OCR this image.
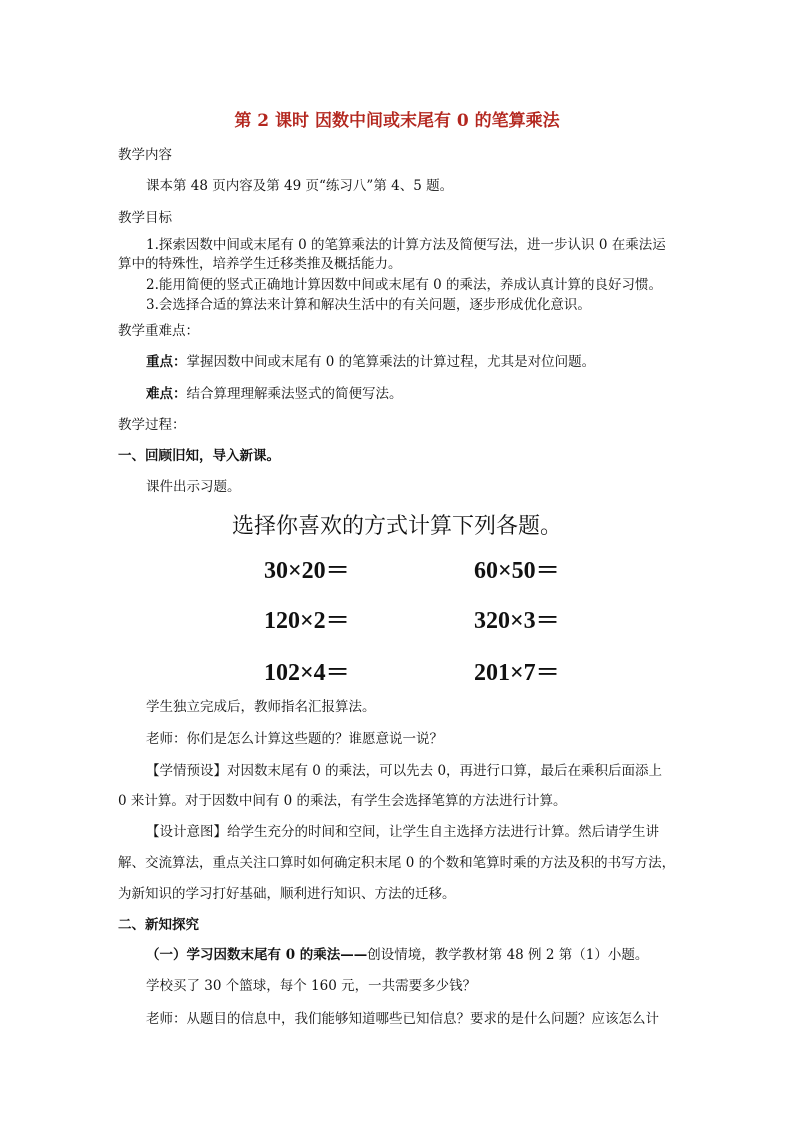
第 2 课时 因数中间或末尾有 0 的笔算乘法
教学内容
课本第 48 页内容及第 49 页“练习八”第 4、5 题。
教学目标
1.探索因数中间或末尾有 0 的笔算乘法的计算方法及简便写法，进一步认识 0 在乘法运
算中的特殊性，培养学生迁移类推及概括能力。
2.能用简便的竖式正确地计算因数中间或末尾有 0 的乘法，养成认真计算的良好习惯。
3.会选择合适的算法来计算和解决生活中的有关问题，逐步形成优化意识。
教学重难点：
重点：掌握因数中间或末尾有 0 的笔算乘法的计算过程，尤其是对位问题。
难点：结合算理理解乘法竖式的简便写法。
教学过程：
一、回顾旧知，导入新课。
课件出示习题。
选择你喜欢的方式计算下列各题。
30×20＝	60×50＝
120×2＝	320×3＝
102×4＝	201×7＝
学生独立完成后，教师指名汇报算法。
老师：你们是怎么计算这些题的？谁愿意说一说？
【学情预设】对因数末尾有 0 的乘法，可以先去 0，再进行口算，最后在乘积后面添上
0 来计算。对于因数中间有 0 的乘法，有学生会选择笔算的方法进行计算。
【设计意图】给学生充分的时间和空间，让学生自主选择方法进行计算。然后请学生讲
解、交流算法，重点关注口算时如何确定积末尾 0 的个数和笔算时乘的方法及积的书写方法，
为新知识的学习打好基础，顺利进行知识、方法的迁移。
二、新知探究
（一）学习因数末尾有 0 的乘法——创设情境，教学教材第 48 例 2 第（1）小题。
学校买了 30 个篮球，每个 160 元，一共需要多少钱？
老师：从题目的信息中，我们能够知道哪些已知信息？要求的是什么问题？应该怎么计
